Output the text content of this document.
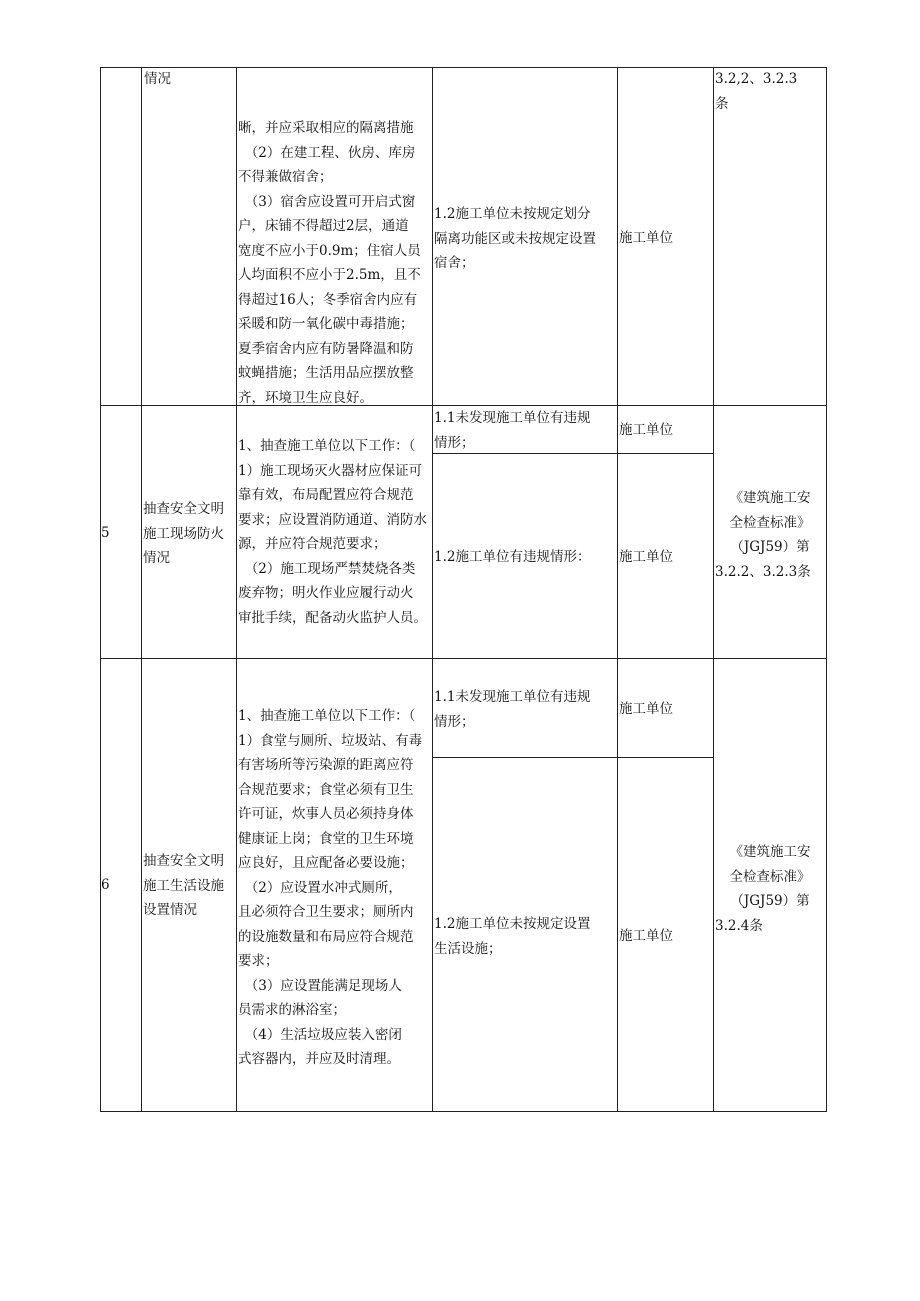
情况
晰，并应采取相应的隔离措施
　（2）在建工程、伙房、库房
不得兼做宿舍；
　（3）宿舍应设置可开启式窗
户，床铺不得超过2层，通道
宽度不应小于0.9m；住宿人员
人均面积不应小于2.5m，且不
得超过16人；冬季宿舍内应有
采暖和防一氧化碳中毒措施；
夏季宿舍内应有防暑降温和防
蚊蝇措施；生活用品应摆放整
齐，环境卫生应良好。
1.2施工单位未按规定划分
隔离功能区或未按规定设置
宿舍；
施工单位
3.2,2、3.2.3
条
5
抽查安全文明
施工现场防火
情况
1、抽查施工单位以下工作：（
1）施工现场灭火器材应保证可
靠有效，布局配置应符合规范
要求；应设置消防通道、消防水
源，并应符合规范要求；
　（2）施工现场严禁焚烧各类
废弃物；明火作业应履行动火
审批手续，配备动火监护人员。
1.1未发现施工单位有违规
情形；
施工单位
1.2施工单位有违规情形：	施工单位
《建筑施工安
全检查标准》
（JGJ59）第
3.2.2、3.2.3条
6
抽查安全文明
施工生活设施
设置情况
1、抽查施工单位以下工作：（
1）食堂与厕所、垃圾站、有毒
有害场所等污染源的距离应符
合规范要求；食堂必须有卫生
许可证，炊事人员必须持身体
健康证上岗；食堂的卫生环境
应良好，且应配备必要设施；
　（2）应设置水冲式厕所，
且必须符合卫生要求；厕所内
的设施数量和布局应符合规范
要求；
　（3）应设置能满足现场人
员需求的淋浴室；
　（4）生活垃圾应装入密闭
式容器内，并应及时清理。
1.1未发现施工单位有违规
情形；
施工单位
1.2施工单位未按规定设置
生活设施；
施工单位
《建筑施工安
全检查标准》
（JGJ59）第
3.2.4条
